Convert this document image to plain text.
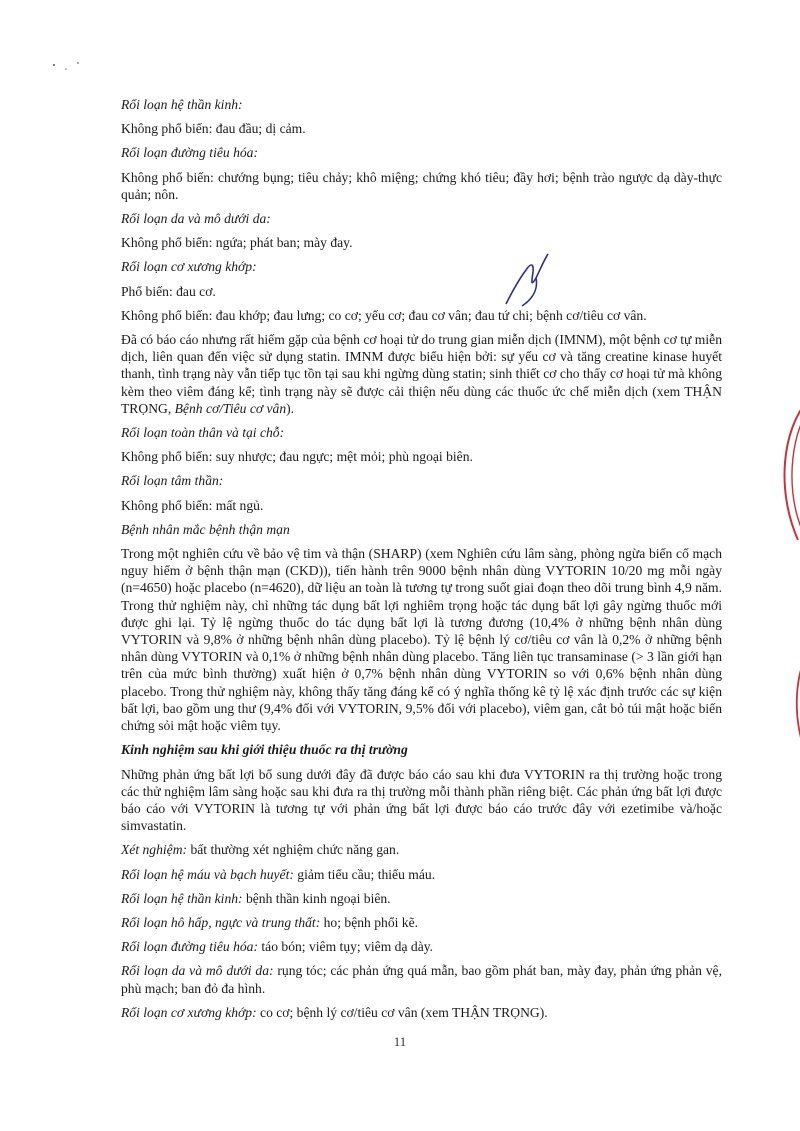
Rối loạn hệ thần kinh:

Không phổ biến: đau đầu; dị cảm.

Rối loạn đường tiêu hóa:

Không phổ biến: chướng bụng; tiêu chảy; khô miệng; chứng khó tiêu; đầy hơi; bệnh trào ngược dạ dày-thực quản; nôn.

Rối loạn da và mô dưới da:

Không phổ biến: ngứa; phát ban; mày đay.

Rối loạn cơ xương khớp:

Phổ biến: đau cơ.

Không phổ biến: đau khớp; đau lưng; co cơ; yếu cơ; đau cơ vân; đau tứ chi; bệnh cơ/tiêu cơ vân.

Đã có báo cáo nhưng rất hiếm gặp của bệnh cơ hoại tử do trung gian miễn dịch (IMNM), một bệnh cơ tự miễn dịch, liên quan đến việc sử dụng statin. IMNM được biểu hiện bởi: sự yếu cơ và tăng creatine kinase huyết thanh, tình trạng này vẫn tiếp tục tồn tại sau khi ngừng dùng statin; sinh thiết cơ cho thấy cơ hoại tử mà không kèm theo viêm đáng kể; tình trạng này sẽ được cải thiện nếu dùng các thuốc ức chế miễn dịch (xem THẬN TRỌNG, Bệnh cơ/Tiêu cơ vân).

Rối loạn toàn thân và tại chỗ:

Không phổ biến: suy nhược; đau ngực; mệt mỏi; phù ngoại biên.

Rối loạn tâm thần:

Không phổ biến: mất ngủ.

Bệnh nhân mắc bệnh thận mạn

Trong một nghiên cứu về bảo vệ tim và thận (SHARP) (xem Nghiên cứu lâm sàng, phòng ngừa biến cố mạch nguy hiểm ở bệnh thận mạn (CKD)), tiến hành trên 9000 bệnh nhân dùng VYTORIN 10/20 mg mỗi ngày (n=4650) hoặc placebo (n=4620), dữ liệu an toàn là tương tự trong suốt giai đoạn theo dõi trung bình 4,9 năm. Trong thử nghiệm này, chỉ những tác dụng bất lợi nghiêm trọng hoặc tác dụng bất lợi gây ngừng thuốc mới được ghi lại. Tỷ lệ ngừng thuốc do tác dụng bất lợi là tương đương (10,4% ở những bệnh nhân dùng VYTORIN và 9,8% ở những bệnh nhân dùng placebo). Tỷ lệ bệnh lý cơ/tiêu cơ vân là 0,2% ở những bệnh nhân dùng VYTORIN và 0,1% ở những bệnh nhân dùng placebo. Tăng liên tục transaminase (> 3 lần giới hạn trên của mức bình thường) xuất hiện ở 0,7% bệnh nhân dùng VYTORIN so với 0,6% bệnh nhân dùng placebo. Trong thử nghiệm này, không thấy tăng đáng kể có ý nghĩa thống kê tỷ lệ xác định trước các sự kiện bất lợi, bao gồm ung thư (9,4% đối với VYTORIN, 9,5% đối với placebo), viêm gan, cắt bỏ túi mật hoặc biến chứng sỏi mật hoặc viêm tụy.

Kinh nghiệm sau khi giới thiệu thuốc ra thị trường

Những phản ứng bất lợi bổ sung dưới đây đã được báo cáo sau khi đưa VYTORIN ra thị trường hoặc trong các thử nghiệm lâm sàng hoặc sau khi đưa ra thị trường mỗi thành phần riêng biệt. Các phản ứng bất lợi được báo cáo với VYTORIN là tương tự với phản ứng bất lợi được báo cáo trước đây với ezetimibe và/hoặc simvastatin.

Xét nghiệm: bất thường xét nghiệm chức năng gan.

Rối loạn hệ máu và bạch huyết: giảm tiểu cầu; thiếu máu.

Rối loạn hệ thần kinh: bệnh thần kinh ngoại biên.

Rối loạn hô hấp, ngực và trung thất: ho; bệnh phổi kẽ.

Rối loạn đường tiêu hóa: táo bón; viêm tụy; viêm dạ dày.

Rối loạn da và mô dưới da: rụng tóc; các phản ứng quá mẫn, bao gồm phát ban, mày đay, phản ứng phản vệ, phù mạch; ban đỏ đa hình.

Rối loạn cơ xương khớp: co cơ; bệnh lý cơ/tiêu cơ vân (xem THẬN TRỌNG).

11
